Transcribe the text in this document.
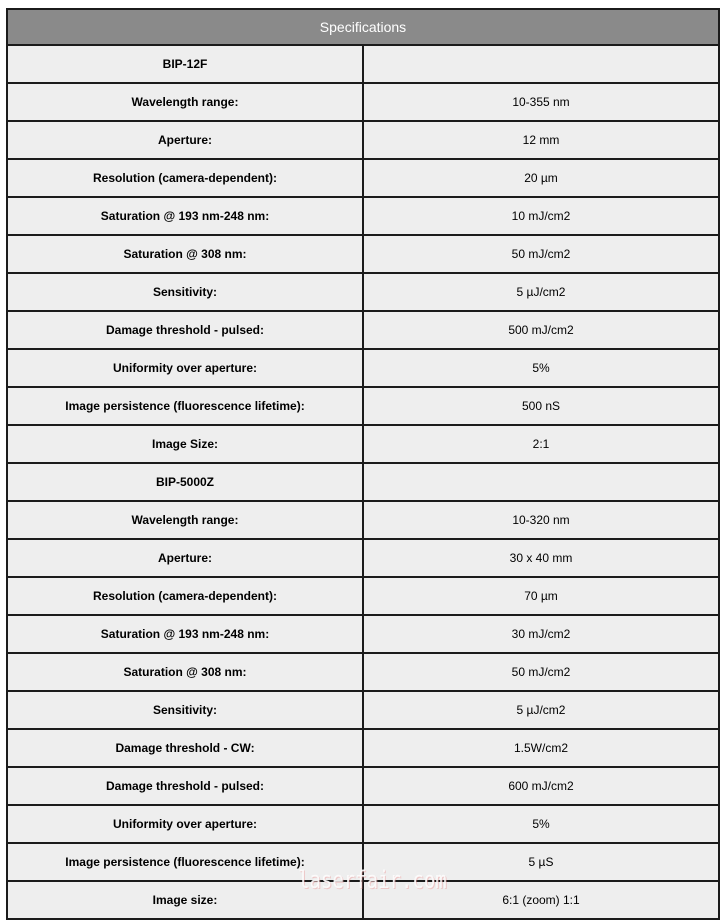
Specifications	
BIP-12F	
Wavelength range:	10-355 nm
Aperture:	12 mm
Resolution (camera-dependent):	20 µm
Saturation @ 193 nm-248 nm:	10 mJ/cm2
Saturation @ 308 nm:	50 mJ/cm2
Sensitivity:	5 µJ/cm2
Damage threshold - pulsed:	500 mJ/cm2
Uniformity over aperture:	5%
Image persistence (fluorescence lifetime):	500 nS
Image Size:	2:1
BIP-5000Z	
Wavelength range:	10-320 nm
Aperture:	30 x 40 mm
Resolution (camera-dependent):	70 µm
Saturation @ 193 nm-248 nm:	30 mJ/cm2
Saturation @ 308 nm:	50 mJ/cm2
Sensitivity:	5 µJ/cm2
Damage threshold - CW:	1.5W/cm2
Damage threshold - pulsed:	600 mJ/cm2
Uniformity over aperture:	5%
Image persistence (fluorescence lifetime):	5 µS
Image size:	6:1 (zoom) 1:1
laserfair.com
